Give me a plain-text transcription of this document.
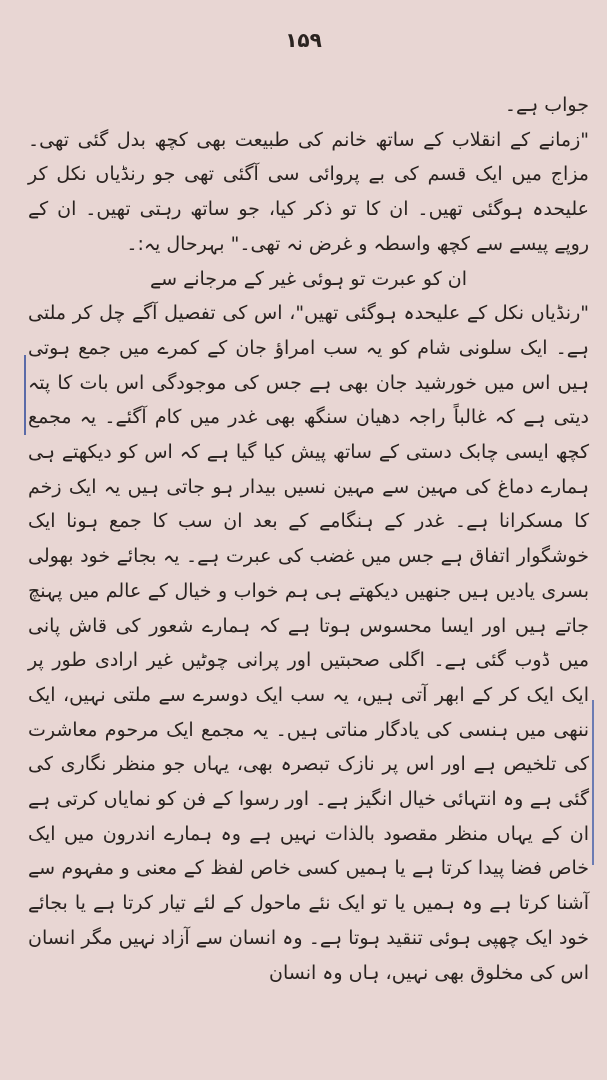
۱۵۹

جواب ہے۔

"زمانے کے انقلاب کے ساتھ خانم کی طبیعت بھی کچھ بدل گئی تھی۔ مزاج میں ایک قسم کی بے پروائی سی آگئی تھی جو رنڈیاں نکل کر علیحدہ ہوگئی تھیں۔ ان کا تو ذکر کیا، جو ساتھ رہتی تھیں۔ ان کے روپے پیسے سے کچھ واسطہ و غرض نہ تھی۔" بہرحال یہ:۔

ان کو عبرت تو ہوئی غیر کے مرجانے سے

"رنڈیاں نکل کے علیحدہ ہوگئی تھیں"، اس کی تفصیل آگے چل کر ملتی ہے۔ ایک سلونی شام کو یہ سب امراؤ جان کے کمرے میں جمع ہوتی ہیں اس میں خورشید جان بھی ہے جس کی موجودگی اس بات کا پتہ دیتی ہے کہ غالباً راجہ دھیان سنگھ بھی غدر میں کام آگئے۔ یہ مجمع کچھ ایسی چابک دستی کے ساتھ پیش کیا گیا ہے کہ اس کو دیکھتے ہی ہمارے دماغ کی مہین سے مہین نسیں بیدار ہو جاتی ہیں یہ ایک زخم کا مسکرانا ہے۔ غدر کے ہنگامے کے بعد ان سب کا جمع ہونا ایک خوشگوار اتفاق ہے جس میں غضب کی عبرت ہے۔ یہ بجائے خود بھولی بسری یادیں ہیں جنھیں دیکھتے ہی ہم خواب و خیال کے عالم میں پہنچ جاتے ہیں اور ایسا محسوس ہوتا ہے کہ ہمارے شعور کی قاش پانی میں ڈوب گئی ہے۔ اگلی صحبتیں اور پرانی چوٹیں غیر ارادی طور پر ایک ایک کر کے ابھر آتی ہیں، یہ سب ایک دوسرے سے ملتی نہیں، ایک ننھی میں ہنسی کی یادگار مناتی ہیں۔ یہ مجمع ایک مرحوم معاشرت کی تلخیص ہے اور اس پر نازک تبصرہ بھی، یہاں جو منظر نگاری کی گئی ہے وہ انتہائی خیال انگیز ہے۔ اور رسوا کے فن کو نمایاں کرتی ہے ان کے یہاں منظر مقصود بالذات نہیں ہے وہ ہمارے اندرون میں ایک خاص فضا پیدا کرتا ہے یا ہمیں کسی خاص لفظ کے معنی و مفہوم سے آشنا کرتا ہے وہ ہمیں یا تو ایک نئے ماحول کے لئے تیار کرتا ہے یا بجائے خود ایک چھپی ہوئی تنقید ہوتا ہے۔ وہ انسان سے آزاد نہیں مگر انسان اس کی مخلوق بھی نہیں، ہاں وہ انسان
